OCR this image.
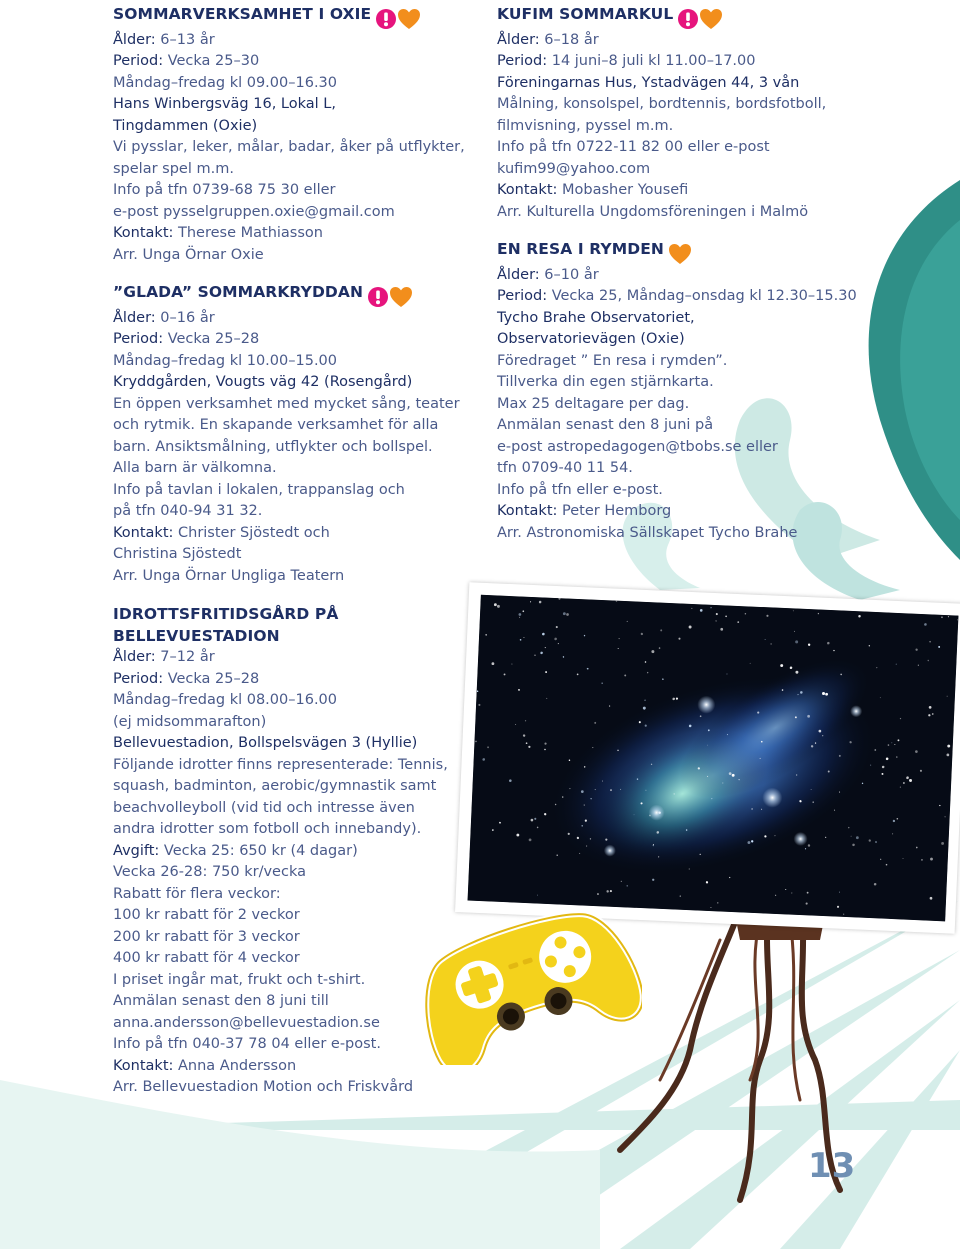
SOMMARVERKSAMHET I OXIE
Ålder: 6–13 år
Period: Vecka 25–30
Måndag–fredag kl 09.00–16.30
Hans Winbergsväg 16, Lokal L,
Tingdammen (Oxie)
Vi pysslar, leker, målar, badar, åker på utflykter,
spelar spel m.m.
Info på tfn 0739-68 75 30 eller
e-post pysselgruppen.oxie@gmail.com
Kontakt: Therese Mathiasson
Arr. Unga Örnar Oxie
”GLADA” SOMMARKRYDDAN
Ålder: 0–16 år
Period: Vecka 25–28
Måndag–fredag kl 10.00–15.00
Kryddgården, Vougts väg 42 (Rosengård)
En öppen verksamhet med mycket sång, teater
och rytmik. En skapande verksamhet för alla
barn. Ansiktsmålning, utflykter och bollspel.
Alla barn är välkomna.
Info på tavlan i lokalen, trappanslag och
på tfn 040-94 31 32.
Kontakt: Christer Sjöstedt och
Christina Sjöstedt
Arr. Unga Örnar Ungliga Teatern
IDROTTSFRITIDSGÅRD PÅ
BELLEVUESTADION
Ålder: 7–12 år
Period: Vecka 25–28
Måndag–fredag kl 08.00–16.00
(ej midsommarafton)
Bellevuestadion, Bollspelsvägen 3 (Hyllie)
Följande idrotter finns representerade: Tennis,
squash, badminton, aerobic/gymnastik samt
beachvolleyboll (vid tid och intresse även
andra idrotter som fotboll och innebandy).
Avgift: Vecka 25: 650 kr (4 dagar)
Vecka 26-28: 750 kr/vecka
Rabatt för flera veckor:
100 kr rabatt för 2 veckor
200 kr rabatt för 3 veckor
400 kr rabatt för 4 veckor
I priset ingår mat, frukt och t-shirt.
Anmälan senast den 8 juni till
anna.andersson@bellevuestadion.se
Info på tfn 040-37 78 04 eller e-post.
Kontakt: Anna Andersson
Arr. Bellevuestadion Motion och Friskvård
KUFIM SOMMARKUL
Ålder: 6–18 år
Period: 14 juni–8 juli kl 11.00–17.00
Föreningarnas Hus, Ystadvägen 44, 3 vån
Målning, konsolspel, bordtennis, bordsfotboll,
filmvisning, pyssel m.m.
Info på tfn 0722-11 82 00 eller e-post
kufim99@yahoo.com
Kontakt: Mobasher Yousefi
Arr. Kulturella Ungdomsföreningen i Malmö
EN RESA I RYMDEN
Ålder: 6–10 år
Period: Vecka 25, Måndag–onsdag kl 12.30–15.30
Tycho Brahe Observatoriet,
Observatorievägen (Oxie)
Föredraget ” En resa i rymden”.
Tillverka din egen stjärnkarta.
Max 25 deltagare per dag.
Anmälan senast den 8 juni på
e-post astropedagogen@tbobs.se eller
tfn 0709-40 11 54.
Info på tfn eller e-post.
Kontakt: Peter Hemborg
Arr. Astronomiska Sällskapet Tycho Brahe
13
